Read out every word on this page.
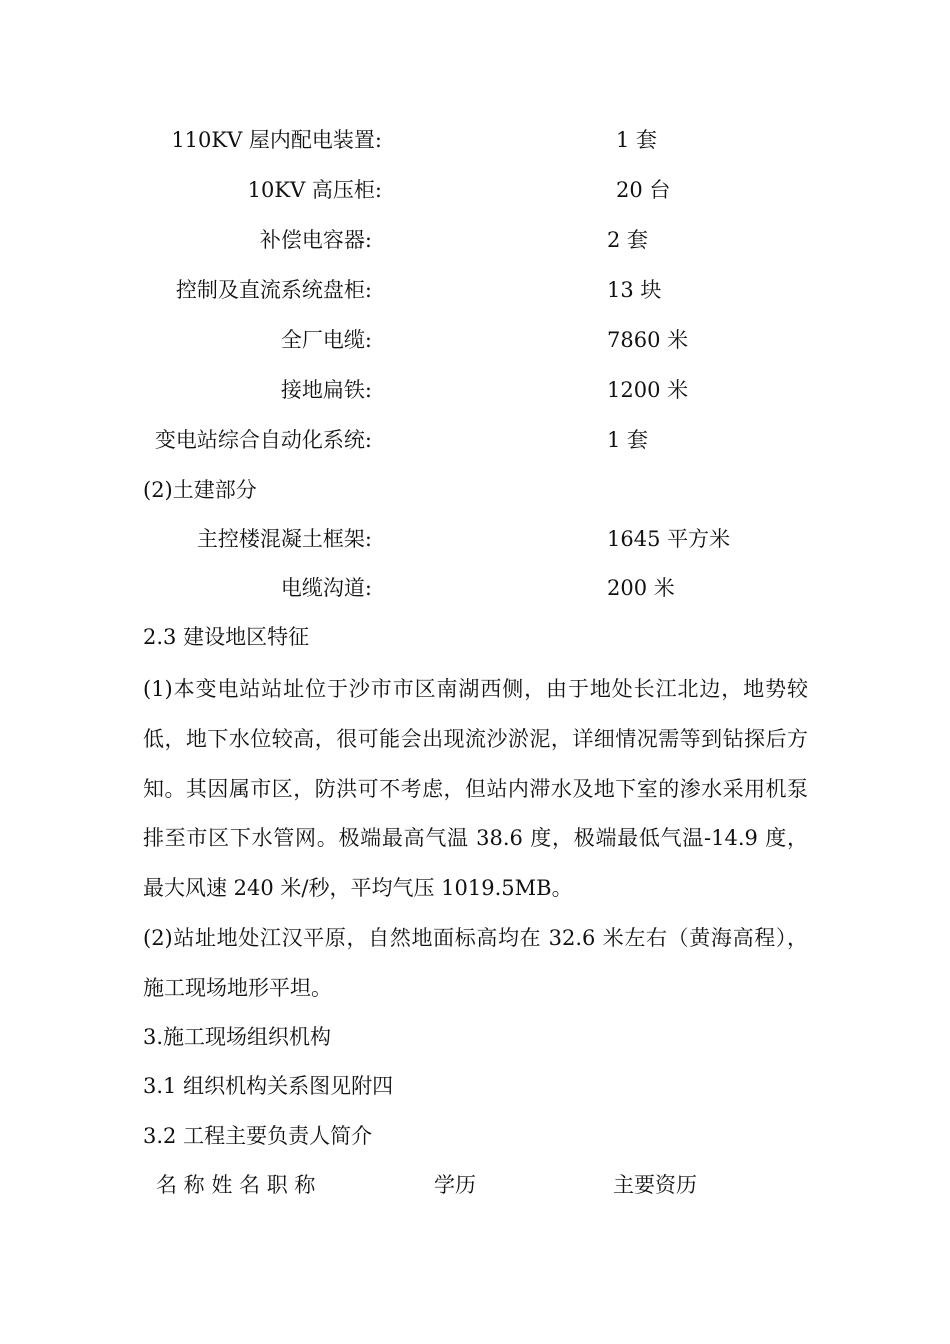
110KV 屋内配电装置:	1 套
10KV 高压柜:	20 台
补偿电容器:	2 套
控制及直流系统盘柜:	13 块
全厂电缆:	7860 米
接地扁铁:	1200 米
变电站综合自动化系统:	1 套
(2)土建部分
主控楼混凝土框架:	1645 平方米
电缆沟道:	200 米
2.3 建设地区特征
(1)本变电站站址位于沙市市区南湖西侧，由于地处长江北边，地势较低，地下水位较高，很可能会出现流沙淤泥，详细情况需等到钻探后方知。其因属市区，防洪可不考虑，但站内滞水及地下室的渗水采用机泵排至市区下水管网。极端最高气温 38.6 度，极端最低气温-14.9 度，最大风速 240 米/秒，平均气压 1019.5MB。
(2)站址地处江汉平原，自然地面标高均在 32.6 米左右（黄海高程），施工现场地形平坦。
3.施工现场组织机构
3.1 组织机构关系图见附四
3.2 工程主要负责人简介
名 称 姓 名 职 称	学历	主要资历
